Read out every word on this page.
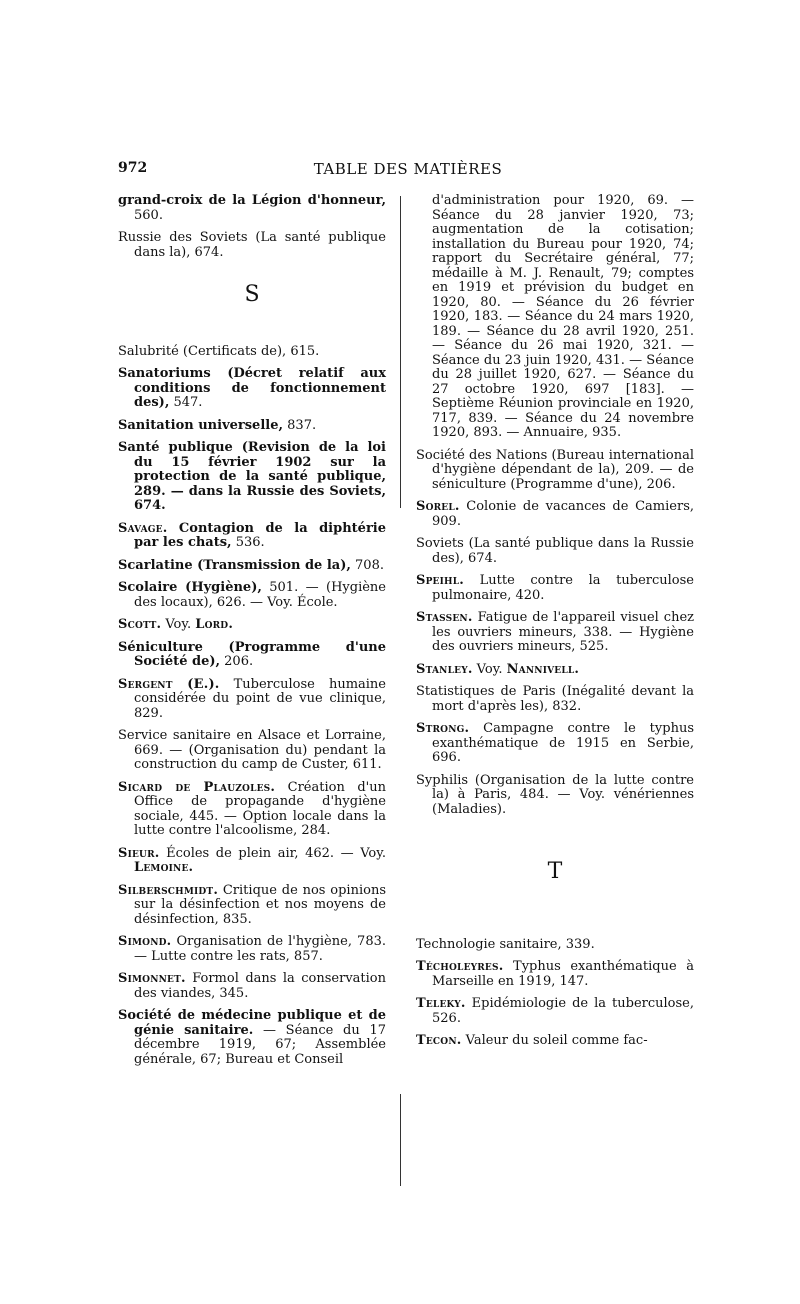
972	TABLE DES MATIÈRES
grand-croix de la Légion d'honneur, 560.
Russie des Soviets (La santé publique dans la), 674.
S
Salubrité (Certificats de), 615.
Sanatoriums (Décret relatif aux conditions de fonctionnement des), 547.
Sanitation universelle, 837.
Santé publique (Revision de la loi du 15 février 1902 sur la protection de la santé publique, 289. — dans la Russie des Soviets, 674.
Savage. Contagion de la diphtérie par les chats, 536.
Scarlatine (Transmission de la), 708.
Scolaire (Hygiène), 501. — (Hygiène des locaux), 626. — Voy. École.
Scott. Voy. Lord.
Séniculture (Programme d'une Société de), 206.
Sergent (E.). Tuberculose humaine considérée du point de vue clinique, 829.
Service sanitaire en Alsace et Lorraine, 669. — (Organisation du) pendant la construction du camp de Custer, 611.
Sicard de Plauzoles. Création d'un Office de propagande d'hygiène sociale, 445. — Option locale dans la lutte contre l'alcoolisme, 284.
Sieur. Écoles de plein air, 462. — Voy. Lemoine.
Silberschmidt. Critique de nos opinions sur la désinfection et nos moyens de désinfection, 835.
Simond. Organisation de l'hygiène, 783. — Lutte contre les rats, 857.
Simonnet. Formol dans la conservation des viandes, 345.
Société de médecine publique et de génie sanitaire. — Séance du 17 décembre 1919, 67; Assemblée générale, 67; Bureau et Conseil
d'administration pour 1920, 69. — Séance du 28 janvier 1920, 73; augmentation de la cotisation; installation du Bureau pour 1920, 74; rapport du Secrétaire général, 77; médaille à M. J. Renault, 79; comptes en 1919 et prévision du budget en 1920, 80. — Séance du 26 février 1920, 183. — Séance du 24 mars 1920, 189. — Séance du 28 avril 1920, 251. — Séance du 26 mai 1920, 321. — Séance du 23 juin 1920, 431. — Séance du 28 juillet 1920, 627. — Séance du 27 octobre 1920, 697 [183]. — Septième Réunion provinciale en 1920, 717, 839. — Séance du 24 novembre 1920, 893. — Annuaire, 935.
Société des Nations (Bureau international d'hygiène dépendant de la), 209. — de séniculture (Programme d'une), 206.
Sorel. Colonie de vacances de Camiers, 909.
Soviets (La santé publique dans la Russie des), 674.
Speihl. Lutte contre la tuberculose pulmonaire, 420.
Stassen. Fatigue de l'appareil visuel chez les ouvriers mineurs, 338. — Hygiène des ouvriers mineurs, 525.
Stanley. Voy. Nannivell.
Statistiques de Paris (Inégalité devant la mort d'après les), 832.
Strong. Campagne contre le typhus exanthématique de 1915 en Serbie, 696.
Syphilis (Organisation de la lutte contre la) à Paris, 484. — Voy. vénériennes (Maladies).
T
Technologie sanitaire, 339.
Técholeyres. Typhus exanthématique à Marseille en 1919, 147.
Teleky. Epidémiologie de la tuberculose, 526.
Tecon. Valeur du soleil comme fac-
